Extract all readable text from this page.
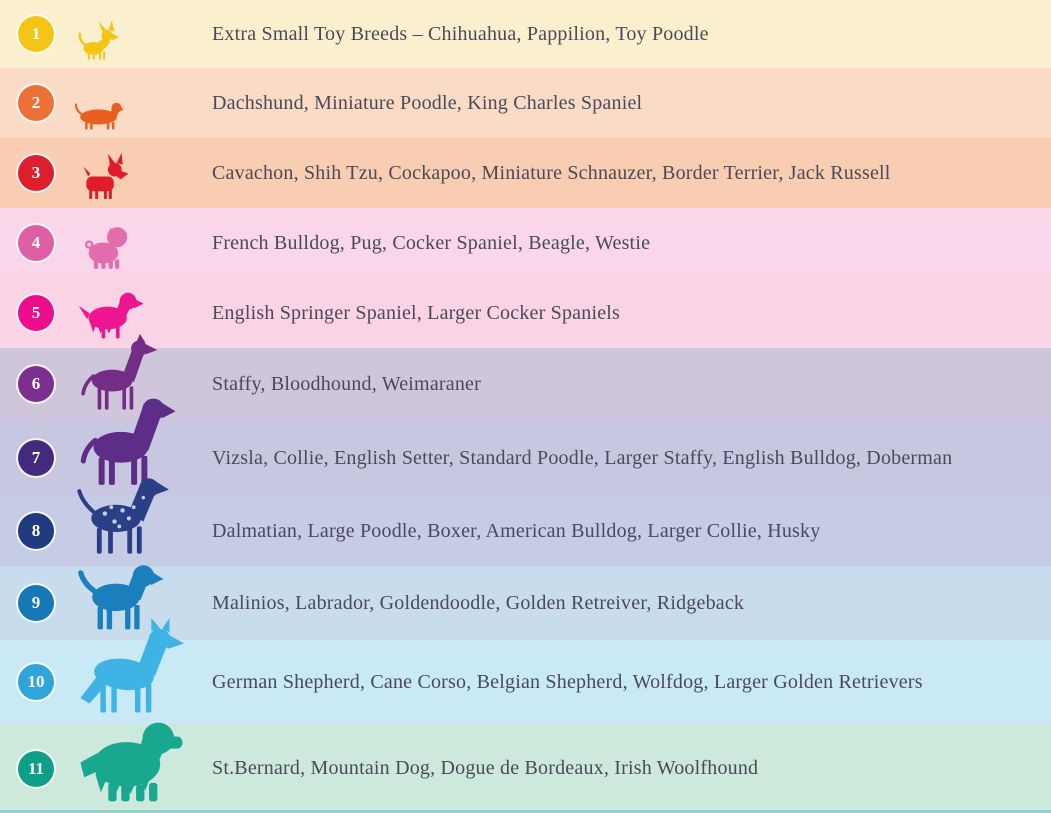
1	Extra Small Toy Breeds – Chihuahua, Pappilion, Toy Poodle
2	Dachshund, Miniature Poodle, King Charles Spaniel
3	Cavachon, Shih Tzu, Cockapoo, Miniature Schnauzer, Border Terrier, Jack Russell
4	French Bulldog, Pug, Cocker Spaniel, Beagle, Westie
5	English Springer Spaniel, Larger Cocker Spaniels
6	Staffy, Bloodhound, Weimaraner
7	Vizsla, Collie, English Setter, Standard Poodle, Larger Staffy, English Bulldog, Doberman
8	Dalmatian, Large Poodle, Boxer, American Bulldog, Larger Collie, Husky
9	Malinios, Labrador, Goldendoodle, Golden Retreiver, Ridgeback
10	German Shepherd, Cane Corso, Belgian Shepherd, Wolfdog, Larger Golden Retrievers
11	St.Bernard, Mountain Dog, Dogue de Bordeaux, Irish Woolfhound
